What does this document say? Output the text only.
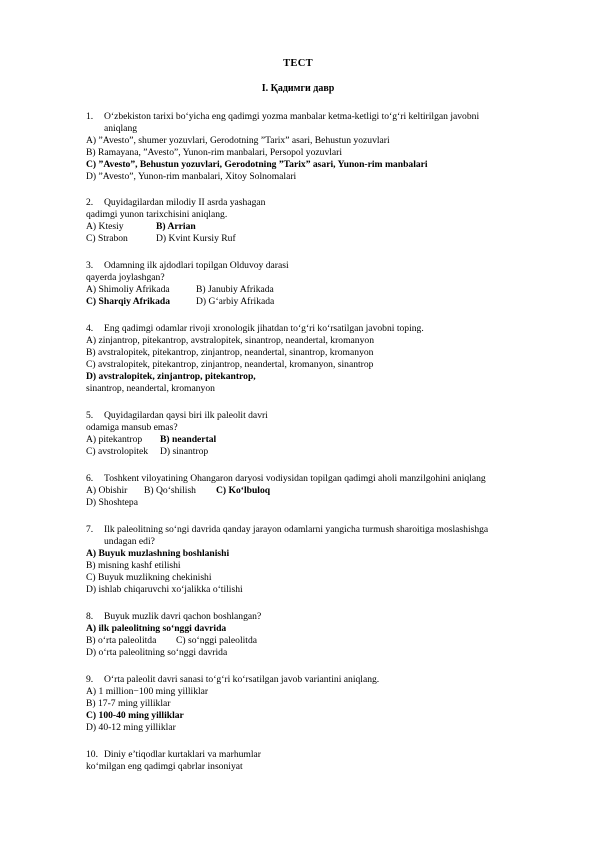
ТЕСТ
I. Қадимги давр
1. O‘zbekiston tarixi bo‘yicha eng qadimgi yozma manbalar ketma-ketligi to‘g‘ri keltirilgan javobni
aniqlang
A) ”Avesto”, shumer yozuvlari, Gerodotning ”Tarix” asari, Behustun yozuvlari
B) Ramayana, ”Avesto”, Yunon-rim manbalari, Persopol yozuvlari
C) ”Avesto”, Behustun yozuvlari, Gerodotning ”Tarix” asari, Yunon-rim manbalari
D) ”Avesto”, Yunon-rim manbalari, Xitoy Solnomalari
2. Quyidagilardan milodiy II asrda yashagan
qadimgi yunon tarixchisini aniqlang.
A) Ktesiy	B) Arrian
C) Strabon	D) Kvint Kursiy Ruf
3. Odamning ilk ajdodlari topilgan Olduvoy darasi
qayerda joylashgan?
A) Shimoliy Afrikada	B) Janubiy Afrikada
C) Sharqiy Afrikada	D) G‘arbiy Afrikada
4. Eng qadimgi odamlar rivoji xronologik jihatdan to‘g‘ri ko‘rsatilgan javobni toping.
A) zinjantrop, pitekantrop, avstralopitek, sinantrop, neandertal, kromanyon
B) avstralopitek, pitekantrop, zinjantrop, neandertal, sinantrop, kromanyon
C) avstralopitek, pitekantrop, zinjantrop, neandertal, kromanyon, sinantrop
D) avstralopitek, zinjantrop, pitekantrop,
sinantrop, neandertal, kromanyon
5. Quyidagilardan qaysi biri ilk paleolit davri
odamiga mansub emas?
A) pitekantrop B) neandertal
C) avstrolopitek D) sinantrop
6. Toshkent viloyatining Ohangaron daryosi vodiysidan topilgan qadimgi aholi manzilgohini aniqlang
A) Obishir B) Qo‘shilish C) Ko‘lbuloq
D) Shoshtepa
7. Ilk paleolitning so‘ngi davrida qanday jarayon odamlarni yangicha turmush sharoitiga moslashishga
undagan edi?
A) Buyuk muzlashning boshlanishi
B) misning kashf etilishi
C) Buyuk muzlikning chekinishi
D) ishlab chiqaruvchi xo‘jalikka o‘tilishi
8. Buyuk muzlik davri qachon boshlangan?
A) ilk paleolitning so‘nggi davrida
B) o‘rta paleolitda C) so‘nggi paleolitda
D) o‘rta paleolitning so‘nggi davrida
9. O‘rta paleolit davri sanasi to‘g‘ri ko‘rsatilgan javob variantini aniqlang.
A) 1 million−100 ming yilliklar
B) 17-7 ming yilliklar
C) 100-40 ming yilliklar
D) 40-12 ming yilliklar
10. Diniy e’tiqodlar kurtaklari va marhumlar
ko‘milgan eng qadimgi qabrlar insoniyat
